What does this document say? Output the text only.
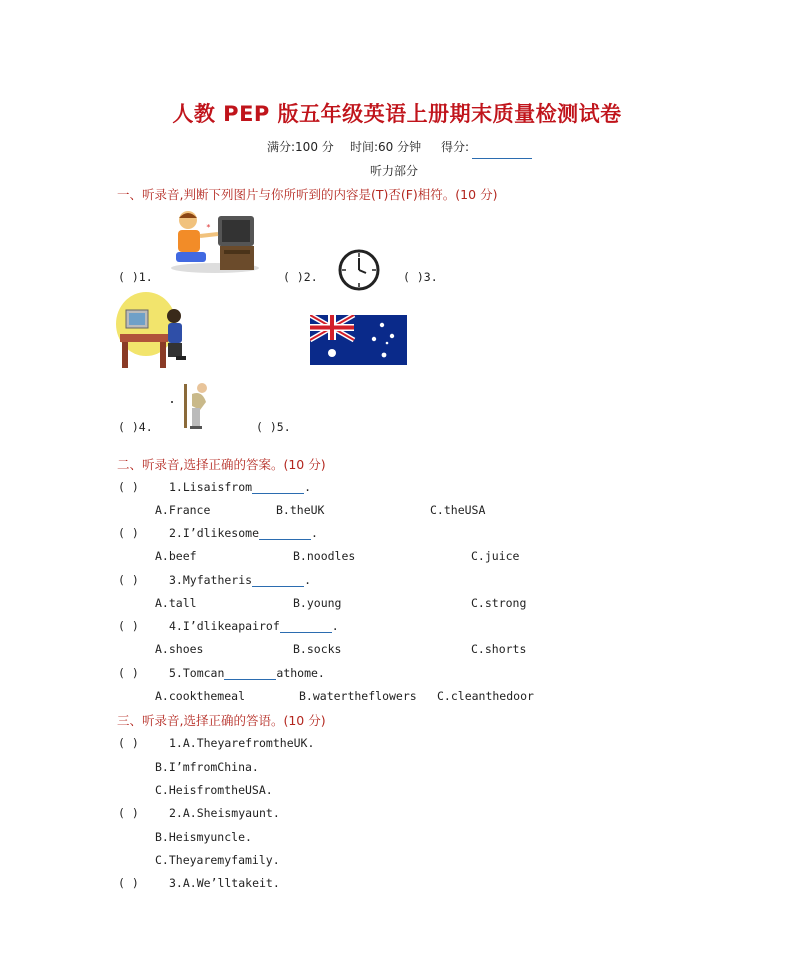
人教 PEP 版五年级英语上册期末质量检测试卷
满分:100 分 时间:60 分钟 得分:
听力部分
一、听录音,判断下列图片与你所听到的内容是(T)否(F)相符。(10 分)
*
( )1.	( )2.	( )3.
( )4.	( )5.
二、听录音,选择正确的答案。(10 分)
( )	1.Lisaisfrom	.
A.France	B.theUK	C.theUSA
( )	2.I’dlikesome	.
A.beef	B.noodles	C.juice
( )	3.Myfatheris	.
A.tall	B.young	C.strong
( )	4.I’dlikeapairof	.
A.shoes	B.socks	C.shorts
( )	5.Tomcan	athome.
A.cookthemeal	B.watertheflowers C.cleanthedoor
三、听录音,选择正确的答语。(10 分)
( )	1.A.TheyarefromtheUK.
B.I’mfromChina.
C.HeisfromtheUSA.
( )	2.A.Sheismyaunt.
B.Heismyuncle.
C.Theyaremyfamily.
( )	3.A.We’lltakeit.
